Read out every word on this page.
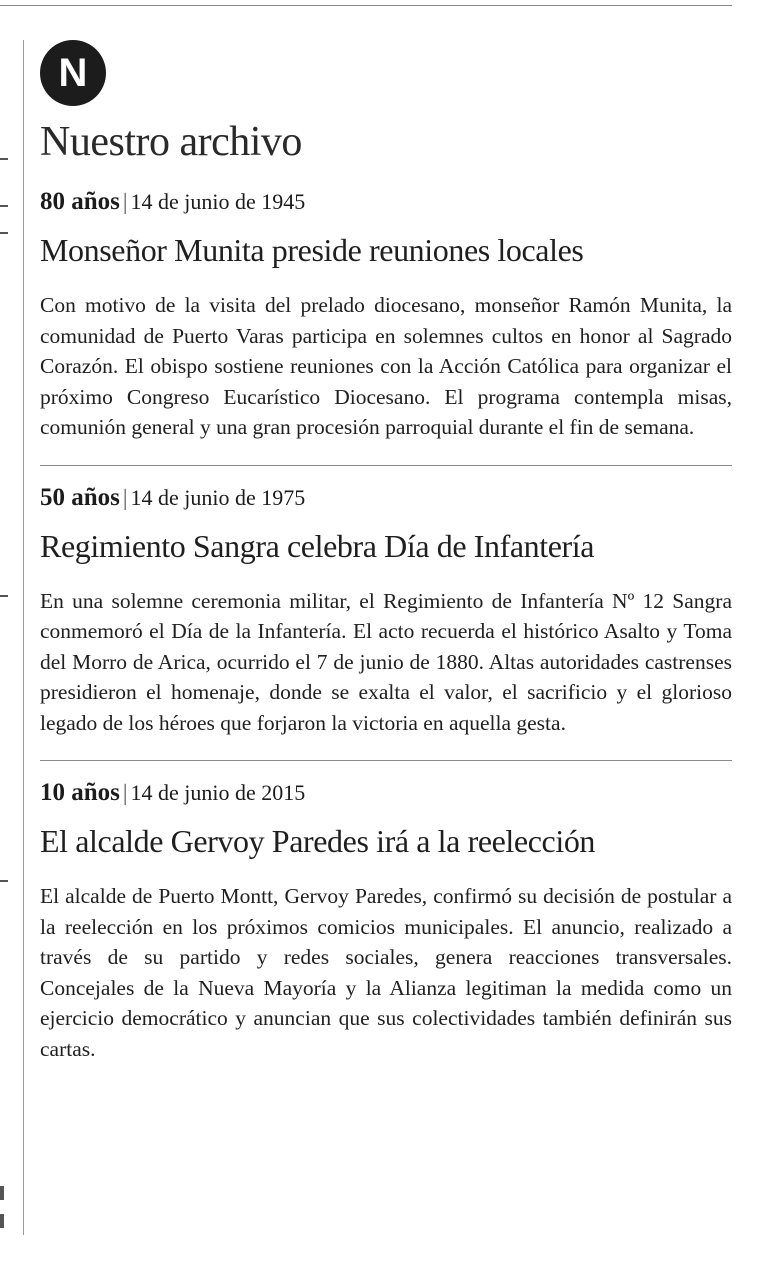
N
Nuestro archivo
80 años | 14 de junio de 1945
Monseñor Munita preside reuniones locales

Con motivo de la visita del prelado diocesano, monseñor Ramón Munita, la comunidad de Puerto Varas participa en solemnes cultos en honor al Sagrado Corazón. El obispo sostiene reuniones con la Acción Católica para organizar el próximo Congreso Eucarístico Diocesano. El programa contempla misas, comunión general y una gran procesión parroquial durante el fin de semana.

50 años | 14 de junio de 1975
Regimiento Sangra celebra Día de Infantería

En una solemne ceremonia militar, el Regimiento de Infantería Nº 12 Sangra conmemoró el Día de la Infantería. El acto recuerda el histórico Asalto y Toma del Morro de Arica, ocurrido el 7 de junio de 1880. Altas autoridades castrenses presidieron el homenaje, donde se exalta el valor, el sacrificio y el glorioso legado de los héroes que forjaron la victoria en aquella gesta.

10 años | 14 de junio de 2015
El alcalde Gervoy Paredes irá a la reelección

El alcalde de Puerto Montt, Gervoy Paredes, confirmó su decisión de postular a la reelección en los próximos comicios municipales. El anuncio, realizado a través de su partido y redes sociales, genera reacciones transversales. Concejales de la Nueva Mayoría y la Alianza legitiman la medida como un ejercicio democrático y anuncian que sus colectividades también definirán sus cartas.
